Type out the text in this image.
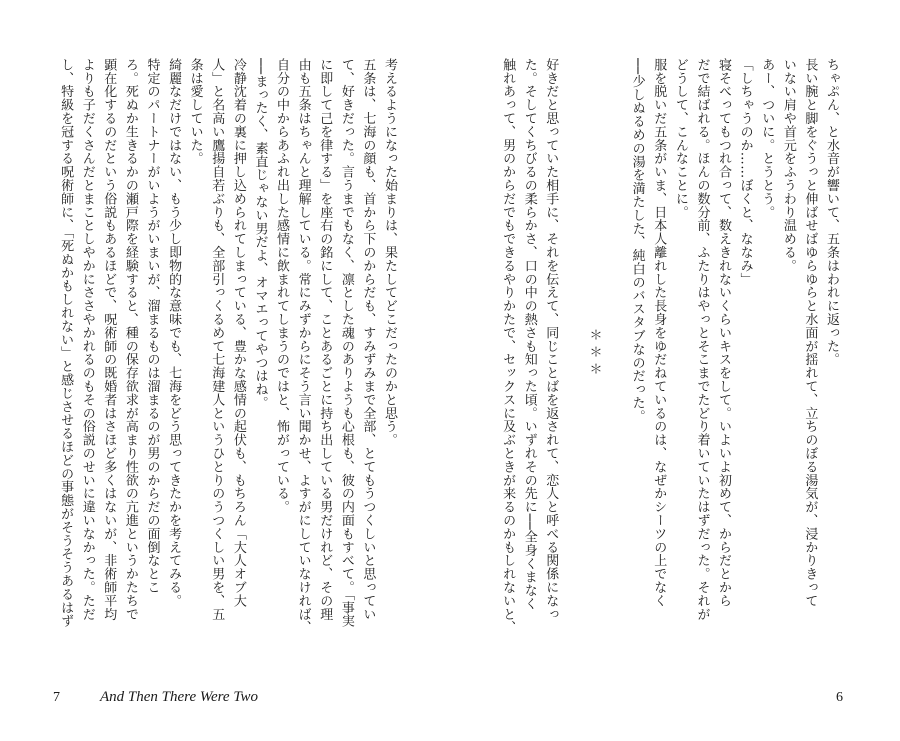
ちゃぷん、と水音が響いて、五条はわれに返った。
長い腕と脚をぐうっと伸ばせばゆらゆらと水面が揺れて、立ちのぼる湯気が、浸かりきって
いない肩や首元をふうわり温める。
あー、ついに。とうとう。
「しちゃうのか……ぼくと、ななみ」
寝そべってもつれ合って、数えきれないくらいキスをして。いよいよ初めて、からだとから
だで結ばれる。ほんの数分前、ふたりはやっとそこまでたどり着いていたはずだった。それが
どうして、こんなことに。
服を脱いだ五条がいま、日本人離れした長身をゆだねているのは、なぜかシーツの上でなく
──少しぬるめの湯を満たした、純白のバスタブなのだった。

＊＊＊

好きだと思っていた相手に、それを伝えて、同じことばを返されて、恋人と呼べる関係になっ
た。そしてくちびるの柔らかさ、口の中の熱さも知った頃。いずれその先に──全身くまなく
触れあって、男のからだでもできるやりかたで、セックスに及ぶときが来るのかもしれないと、
考えるようになった始まりは、果たしてどこだったのかと思う。
五条は、七海の顔も、首から下のからだも、すみずみまで全部、とてもうつくしいと思ってい
て、好きだった。言うまでもなく、凛とした魂のありようも心根も、彼の内面もすべて。「事実
に即して己を律する」を座右の銘にして、ことあるごとに持ち出している男だけれど、その理
由も五条はちゃんと理解している。常にみずからにそう言い聞かせ、よすがにしていなければ、
自分の中からあふれ出した感情に飲まれてしまうのではと、怖がっている。
──まったく、素直じゃない男だよ、オマエってやつはね。
冷静沈着の裏に押し込められてしまっている、豊かな感情の起伏も、もちろん「大人オブ大
人」と名高い鷹揚自若ぶりも、全部引っくるめて七海建人というひとりのうつくしい男を、五
条は愛していた。
綺麗なだけではない、もう少し即物的な意味でも、七海をどう思ってきたかを考えてみる。
特定のパートナーがいようがいまいが、溜まるものは溜まるのが男のからだの面倒なとこ
ろ。死ぬか生きるかの瀬戸際を経験すると、種の保存欲求が高まり性欲の亢進というかたちで
顕在化するのだという俗説もあるほどで、呪術師の既婚者はさほど多くはないが、非術師平均
よりも子だくさんだとまことしやかにささやかれるのもその俗説のせいに違いなかった。ただ
し、特級を冠する呪術師に、「死ぬかもしれない」と感じさせるほどの事態がそうそうあるはず
7	And Then There Were Two	6
